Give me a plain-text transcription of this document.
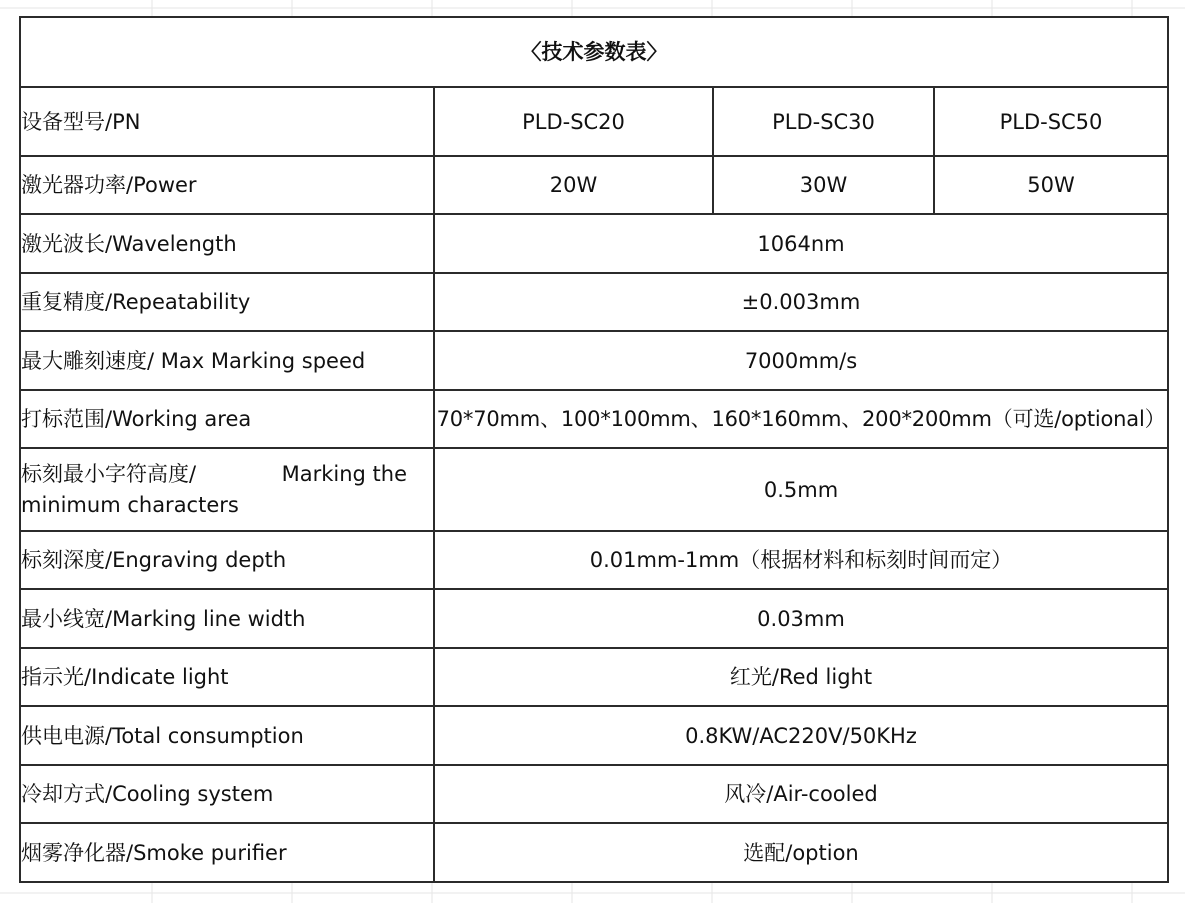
〈技术参数表〉			
设备型号/PN	PLD-SC20	PLD-SC30	PLD-SC50
激光器功率/Power	20W	30W	50W
激光波长/Wavelength	1064nm		
重复精度/Repeatability	±0.003mm		
最大雕刻速度/ Max Marking speed	7000mm/s		
打标范围/Working area	70*70mm、100*100mm、160*160mm、200*200mm（可选/optional）		

标刻最小字符高度/ Marking the
minimum characters	0.5mm		
标刻深度/Engraving depth	0.01mm-1mm（根据材料和标刻时间而定）		
最小线宽/Marking line width	0.03mm		
指示光/Indicate light	红光/Red light		
供电电源/Total consumption	0.8KW/AC220V/50KHz		
冷却方式/Cooling system	风冷/Air-cooled		
烟雾净化器/Smoke purifier	选配/option		
